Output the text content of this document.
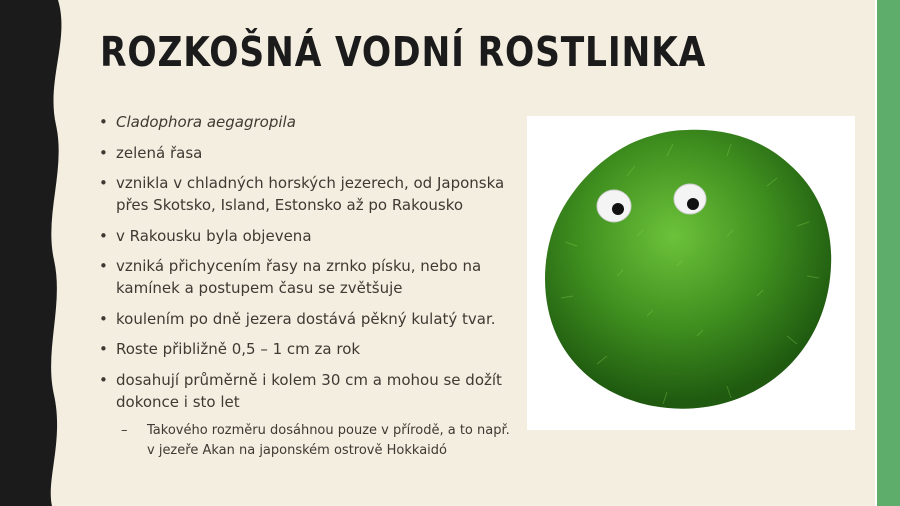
ROZKOŠNÁ VODNÍ ROSTLINKA
• Cladophora aegagropila
• zelená řasa
• vznikla v chladných horských jezerech, od Japonska přes Skotsko, Island, Estonsko až po Rakousko
• v Rakousku byla objevena
• vzniká přichycením řasy na zrnko písku, nebo na kamínek a postupem času se zvětšuje
• koulením po dně jezera dostává pěkný kulatý tvar.
• Roste přibližně 0,5 – 1 cm za rok
• dosahují průměrně i kolem 30 cm a mohou se dožít dokonce i sto let
– Takového rozměru dosáhnou pouze v přírodě, a to např. v jezeře Akan na japonském ostrově Hokkaidó
